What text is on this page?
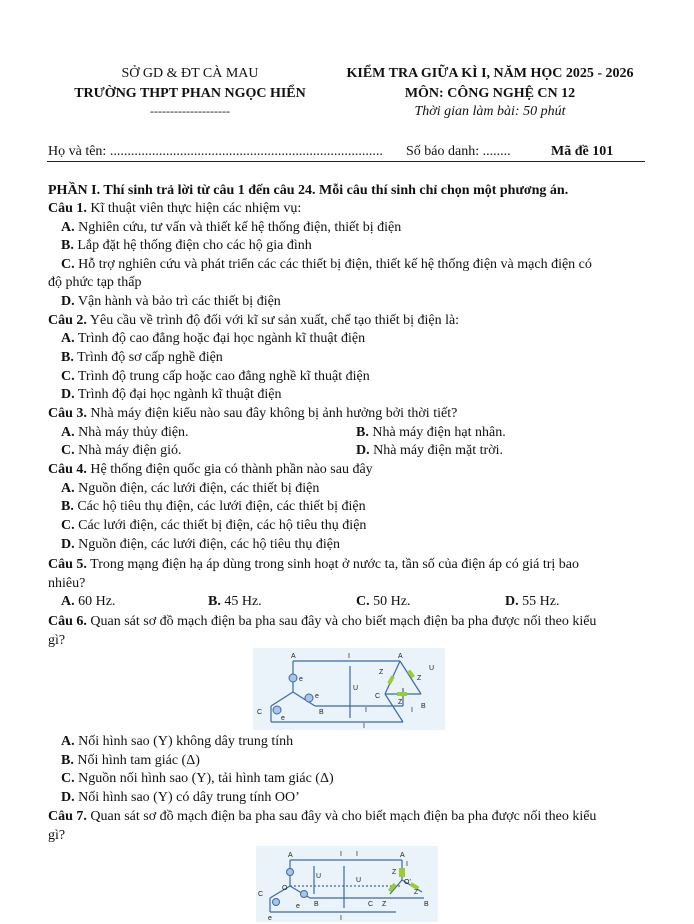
SỞ GD & ĐT CÀ MAU
TRƯỜNG THPT PHAN NGỌC HIỂN
--------------------
KIỂM TRA GIỮA KÌ I, NĂM HỌC 2025 - 2026
MÔN: CÔNG NGHỆ CN 12
Thời gian làm bài: 50 phút
Họ và tên: .............................................................................. Số báo danh: ........	Mã đề 101
PHẦN I. Thí sinh trả lời từ câu 1 đến câu 24. Mỗi câu thí sinh chỉ chọn một phương án.
Câu 1. Kĩ thuật viên thực hiện các nhiệm vụ:
A. Nghiên cứu, tư vấn và thiết kế hệ thống điện, thiết bị điện
B. Lắp đặt hệ thống điện cho các hộ gia đình
C. Hỗ trợ nghiên cứu và phát triển các các thiết bị điện, thiết kế hệ thống điện và mạch điện có
độ phức tạp thấp
D. Vận hành và bảo trì các thiết bị điện
Câu 2. Yêu cầu về trình độ đối với kĩ sư sản xuất, chế tạo thiết bị điện là:
A. Trình độ cao đẳng hoặc đại học ngành kĩ thuật điện
B. Trình độ sơ cấp nghề điện
C. Trình độ trung cấp hoặc cao đẳng nghề kĩ thuật điện
D. Trình độ đại học ngành kĩ thuật điện
Câu 3. Nhà máy điện kiểu nào sau đây không bị ảnh hưởng bởi thời tiết?
A. Nhà máy thủy điện.	B. Nhà máy điện hạt nhân.
C. Nhà máy điện gió.	D. Nhà máy điện mặt trời.
Câu 4. Hệ thống điện quốc gia có thành phần nào sau đây
A. Nguồn điện, các lưới điện, các thiết bị điện
B. Các hộ tiêu thụ điện, các lưới điện, các thiết bị điện
C. Các lưới điện, các thiết bị điện, các hộ tiêu thụ điện
D. Nguồn điện, các lưới điện, các hộ tiêu thụ điện
Câu 5. Trong mạng điện hạ áp dùng trong sinh hoạt ở nước ta, tần số của điện áp có giá trị bao
nhiêu?
A. 60 Hz.	B. 45 Hz.	C. 50 Hz.	D. 55 Hz.
Câu 6. Quan sát sơ đồ mạch điện ba pha sau đây và cho biết mạch điện ba pha được nối theo kiểu
gì?
A	I	A
e
e
e
U
B
C	B
C
Z
Z
Z
U
I
I
I
A. Nối hình sao (Y) không dây trung tính
B. Nối hình tam giác (Δ)
C. Nguồn nối hình sao (Y), tải hình tam giác (Δ)
D. Nối hình sao (Y) có dây trung tính OO’
Câu 7. Quan sát sơ đồ mạch điện ba pha sau đây và cho biết mạch điện ba pha được nối theo kiểu
gì?
A	I I	A
I
U
U
O
O'
Z
Z
Z
C
B	B
C
e
e	I
